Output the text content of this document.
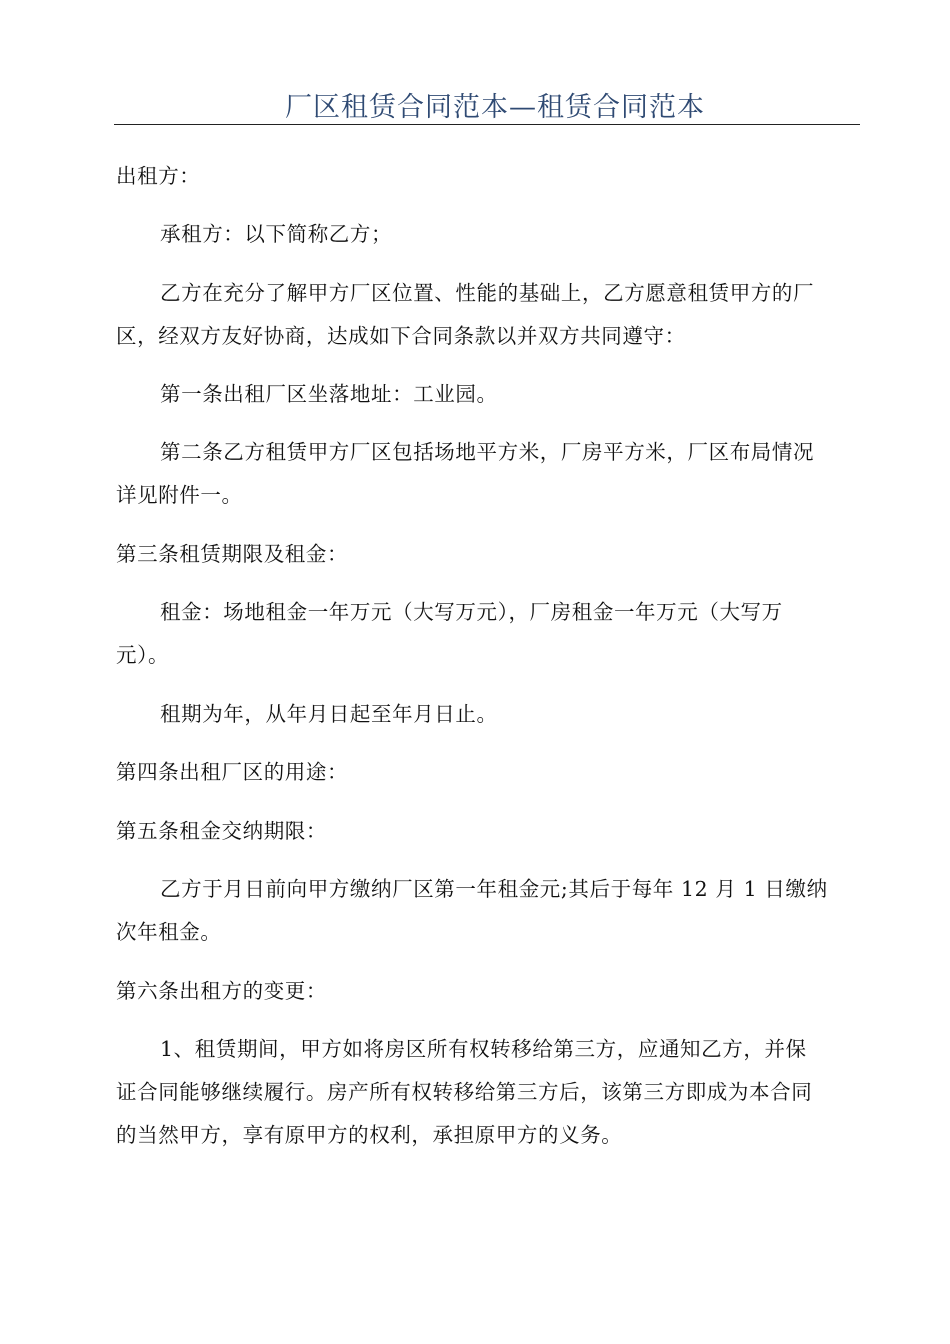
厂区租赁合同范本—租赁合同范本
出租方：
承租方：以下简称乙方；
乙方在充分了解甲方厂区位置、性能的基础上，乙方愿意租赁甲方的厂
区，经双方友好协商，达成如下合同条款以并双方共同遵守：
第一条出租厂区坐落地址：工业园。
第二条乙方租赁甲方厂区包括场地平方米，厂房平方米，厂区布局情况
详见附件一。
第三条租赁期限及租金：
租金：场地租金一年万元（大写万元），厂房租金一年万元（大写万
元）。
租期为年，从年月日起至年月日止。
第四条出租厂区的用途：
第五条租金交纳期限：
乙方于月日前向甲方缴纳厂区第一年租金元;其后于每年 12 月 1 日缴纳
次年租金。
第六条出租方的变更：
1、租赁期间，甲方如将房区所有权转移给第三方，应通知乙方，并保
证合同能够继续履行。房产所有权转移给第三方后，该第三方即成为本合同
的当然甲方，享有原甲方的权利，承担原甲方的义务。
